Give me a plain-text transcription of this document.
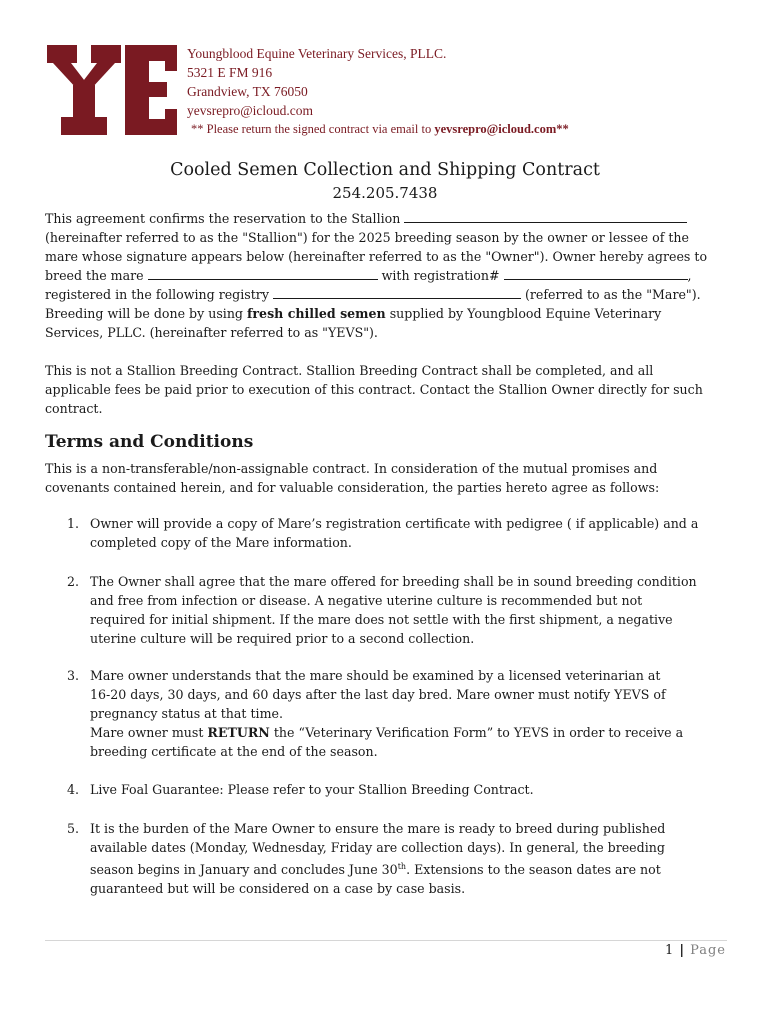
Youngblood Equine Veterinary Services, PLLC.
5321 E FM 916
Grandview, TX 76050
yevsrepro@icloud.com
** Please return the signed contract via email to yevsrepro@icloud.com**
Cooled Semen Collection and Shipping Contract
254.205.7438
This agreement confirms the reservation to the Stallion
(hereinafter referred to as the "Stallion") for the 2025 breeding season by the owner or lessee of the
mare whose signature appears below (hereinafter referred to as the "Owner"). Owner hereby agrees to
breed the mare	with registration#	,
registered in the following registry	(referred to as the "Mare").
Breeding will be done by using fresh chilled semen supplied by Youngblood Equine Veterinary
Services, PLLC. (hereinafter referred to as "YEVS").
This is not a Stallion Breeding Contract. Stallion Breeding Contract shall be completed, and all
applicable fees be paid prior to execution of this contract. Contact the Stallion Owner directly for such
contract.
Terms and Conditions
This is a non-transferable/non-assignable contract. In consideration of the mutual promises and
covenants contained herein, and for valuable consideration, the parties hereto agree as follows:
1. Owner will provide a copy of Mare’s registration certificate with pedigree ( if applicable) and a
completed copy of the Mare information.
2. The Owner shall agree that the mare offered for breeding shall be in sound breeding condition
and free from infection or disease. A negative uterine culture is recommended but not
required for initial shipment. If the mare does not settle with the first shipment, a negative
uterine culture will be required prior to a second collection.
3. Mare owner understands that the mare should be examined by a licensed veterinarian at
16-20 days, 30 days, and 60 days after the last day bred. Mare owner must notify YEVS of
pregnancy status at that time.
Mare owner must RETURN the “Veterinary Verification Form” to YEVS in order to receive a
breeding certificate at the end of the season.
4. Live Foal Guarantee: Please refer to your Stallion Breeding Contract.
5. It is the burden of the Mare Owner to ensure the mare is ready to breed during published
available dates (Monday, Wednesday, Friday are collection days). In general, the breeding
season begins in January and concludes June 30th. Extensions to the season dates are not
guaranteed but will be considered on a case by case basis.
1 | Page
